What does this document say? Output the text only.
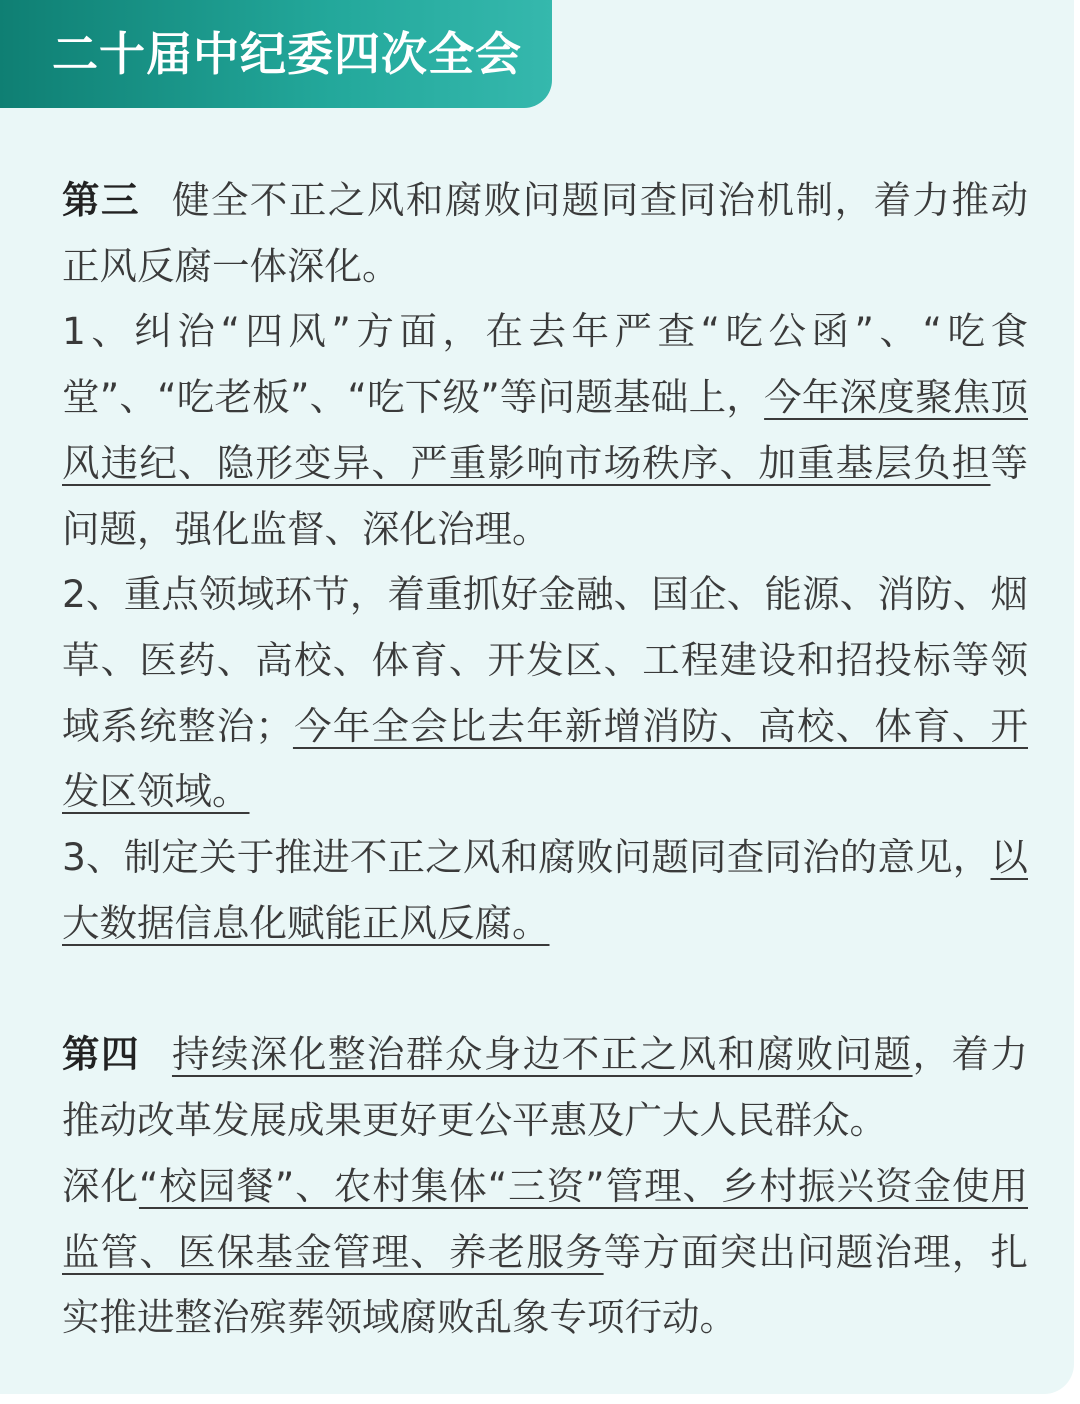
二十届中纪委四次全会

第三 健全不正之风和腐败问题同查同治机制，着力推动正风反腐一体深化。

1、纠治“四风”方面，在去年严查“吃公函”、“吃食堂”、“吃老板”、“吃下级”等问题基础上，今年深度聚焦顶风违纪、隐形变异、严重影响市场秩序、加重基层负担等问题，强化监督、深化治理。

2、重点领域环节，着重抓好金融、国企、能源、消防、烟草、医药、高校、体育、开发区、工程建设和招投标等领域系统整治；今年全会比去年新增消防、高校、体育、开发区领域。

3、制定关于推进不正之风和腐败问题同查同治的意见，以大数据信息化赋能正风反腐。

第四 持续深化整治群众身边不正之风和腐败问题，着力推动改革发展成果更好更公平惠及广大人民群众。

深化“校园餐”、农村集体“三资”管理、乡村振兴资金使用监管、医保基金管理、养老服务等方面突出问题治理，扎实推进整治殡葬领域腐败乱象专项行动。
